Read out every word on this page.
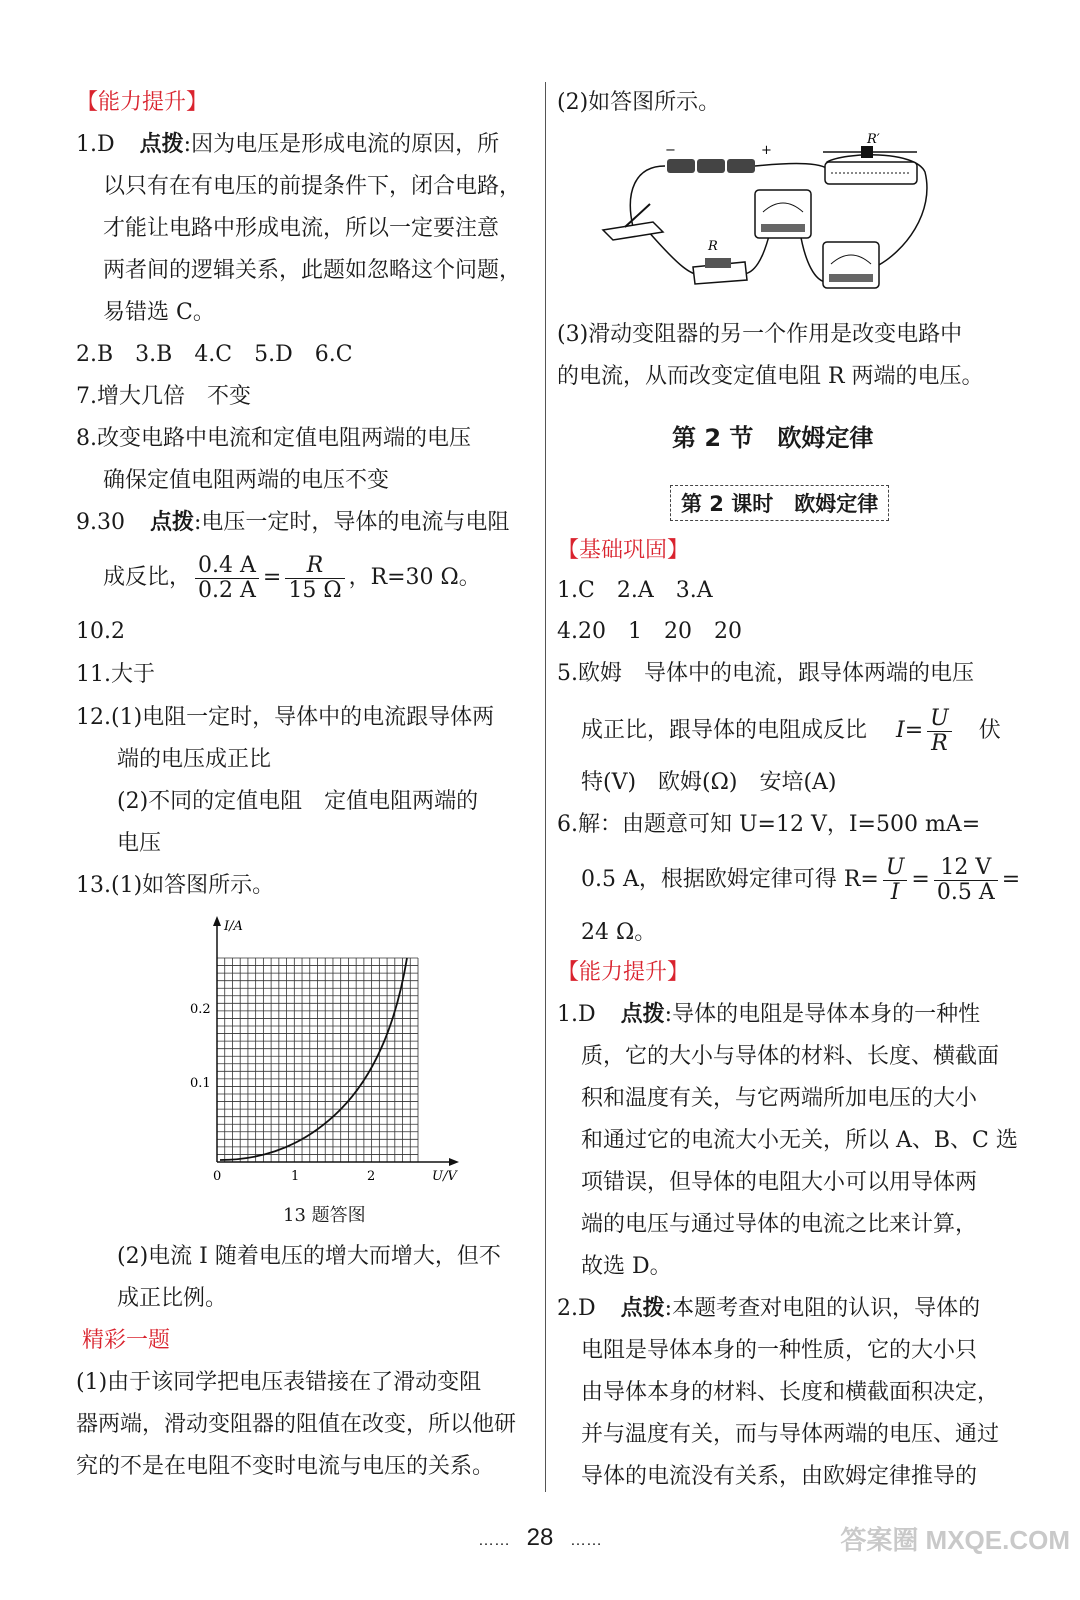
【能力提升】
1.D 点拨:因为电压是形成电流的原因，所
以只有在有电压的前提条件下，闭合电路，
才能让电路中形成电流，所以一定要注意
两者间的逻辑关系，此题如忽略这个问题，
易错选 C。
2.B　3.B　4.C　5.D　6.C
7.增大几倍　不变
8.改变电路中电流和定值电阻两端的电压
确保定值电阻两端的电压不变
9.30 点拨:电压一定时，导体的电流与电阻
成反比， $\frac{0.4 A}{0.2 A} = \frac{R}{15 \Omega}$ ，R=30 Ω。
10.2
11.大于
12.(1)电阻一定时，导体中的电流跟导体两
端的电压成正比
(2)不同的定值电阻　定值电阻两端的
电压
13.(1)如答图所示。
I/A
0.2
0.1
0	1	2	U/V
13 题答图
(2)电流 I 随着电压的增大而增大，但不
成正比例。
精彩一题
(1)由于该同学把电压表错接在了滑动变阻
器两端，滑动变阻器的阻值在改变，所以他研
究的不是在电阻不变时电流与电压的关系。
(2)如答图所示。
−	+
R′
R
(3)滑动变阻器的另一个作用是改变电路中
的电流，从而改变定值电阻 R 两端的电压。
第 2 节　欧姆定律
第 2 课时　欧姆定律
【基础巩固】
1.C　2.A　3.A
4.20　1　20　20
5.欧姆　导体中的电流，跟导体两端的电压
成正比，跟导体的电阻成反比 $I= \frac{U}{R}$ 伏
特(V)　欧姆(Ω)　安培(A)
6.解：由题意可知 U=12 V，I=500 mA=
0.5 A，根据欧姆定律可得 $R= \frac{U}{I} = \frac{12 V}{0.5 A}$ =
24 Ω。
【能力提升】
1.D 点拨:导体的电阻是导体本身的一种性
质，它的大小与导体的材料、长度、横截面
积和温度有关，与它两端所加电压的大小
和通过它的电流大小无关，所以 A、B、C 选
项错误，但导体的电阻大小可以用导体两
端的电压与通过导体的电流之比来计算，
故选 D。
2.D 点拨:本题考查对电阻的认识，导体的
电阻是导体本身的一种性质，它的大小只
由导体本身的材料、长度和横截面积决定，
并与温度有关，而与导体两端的电压、通过
导体的电流没有关系，由欧姆定律推导的
…… 28 ……	答案圈 MXQE.COM
